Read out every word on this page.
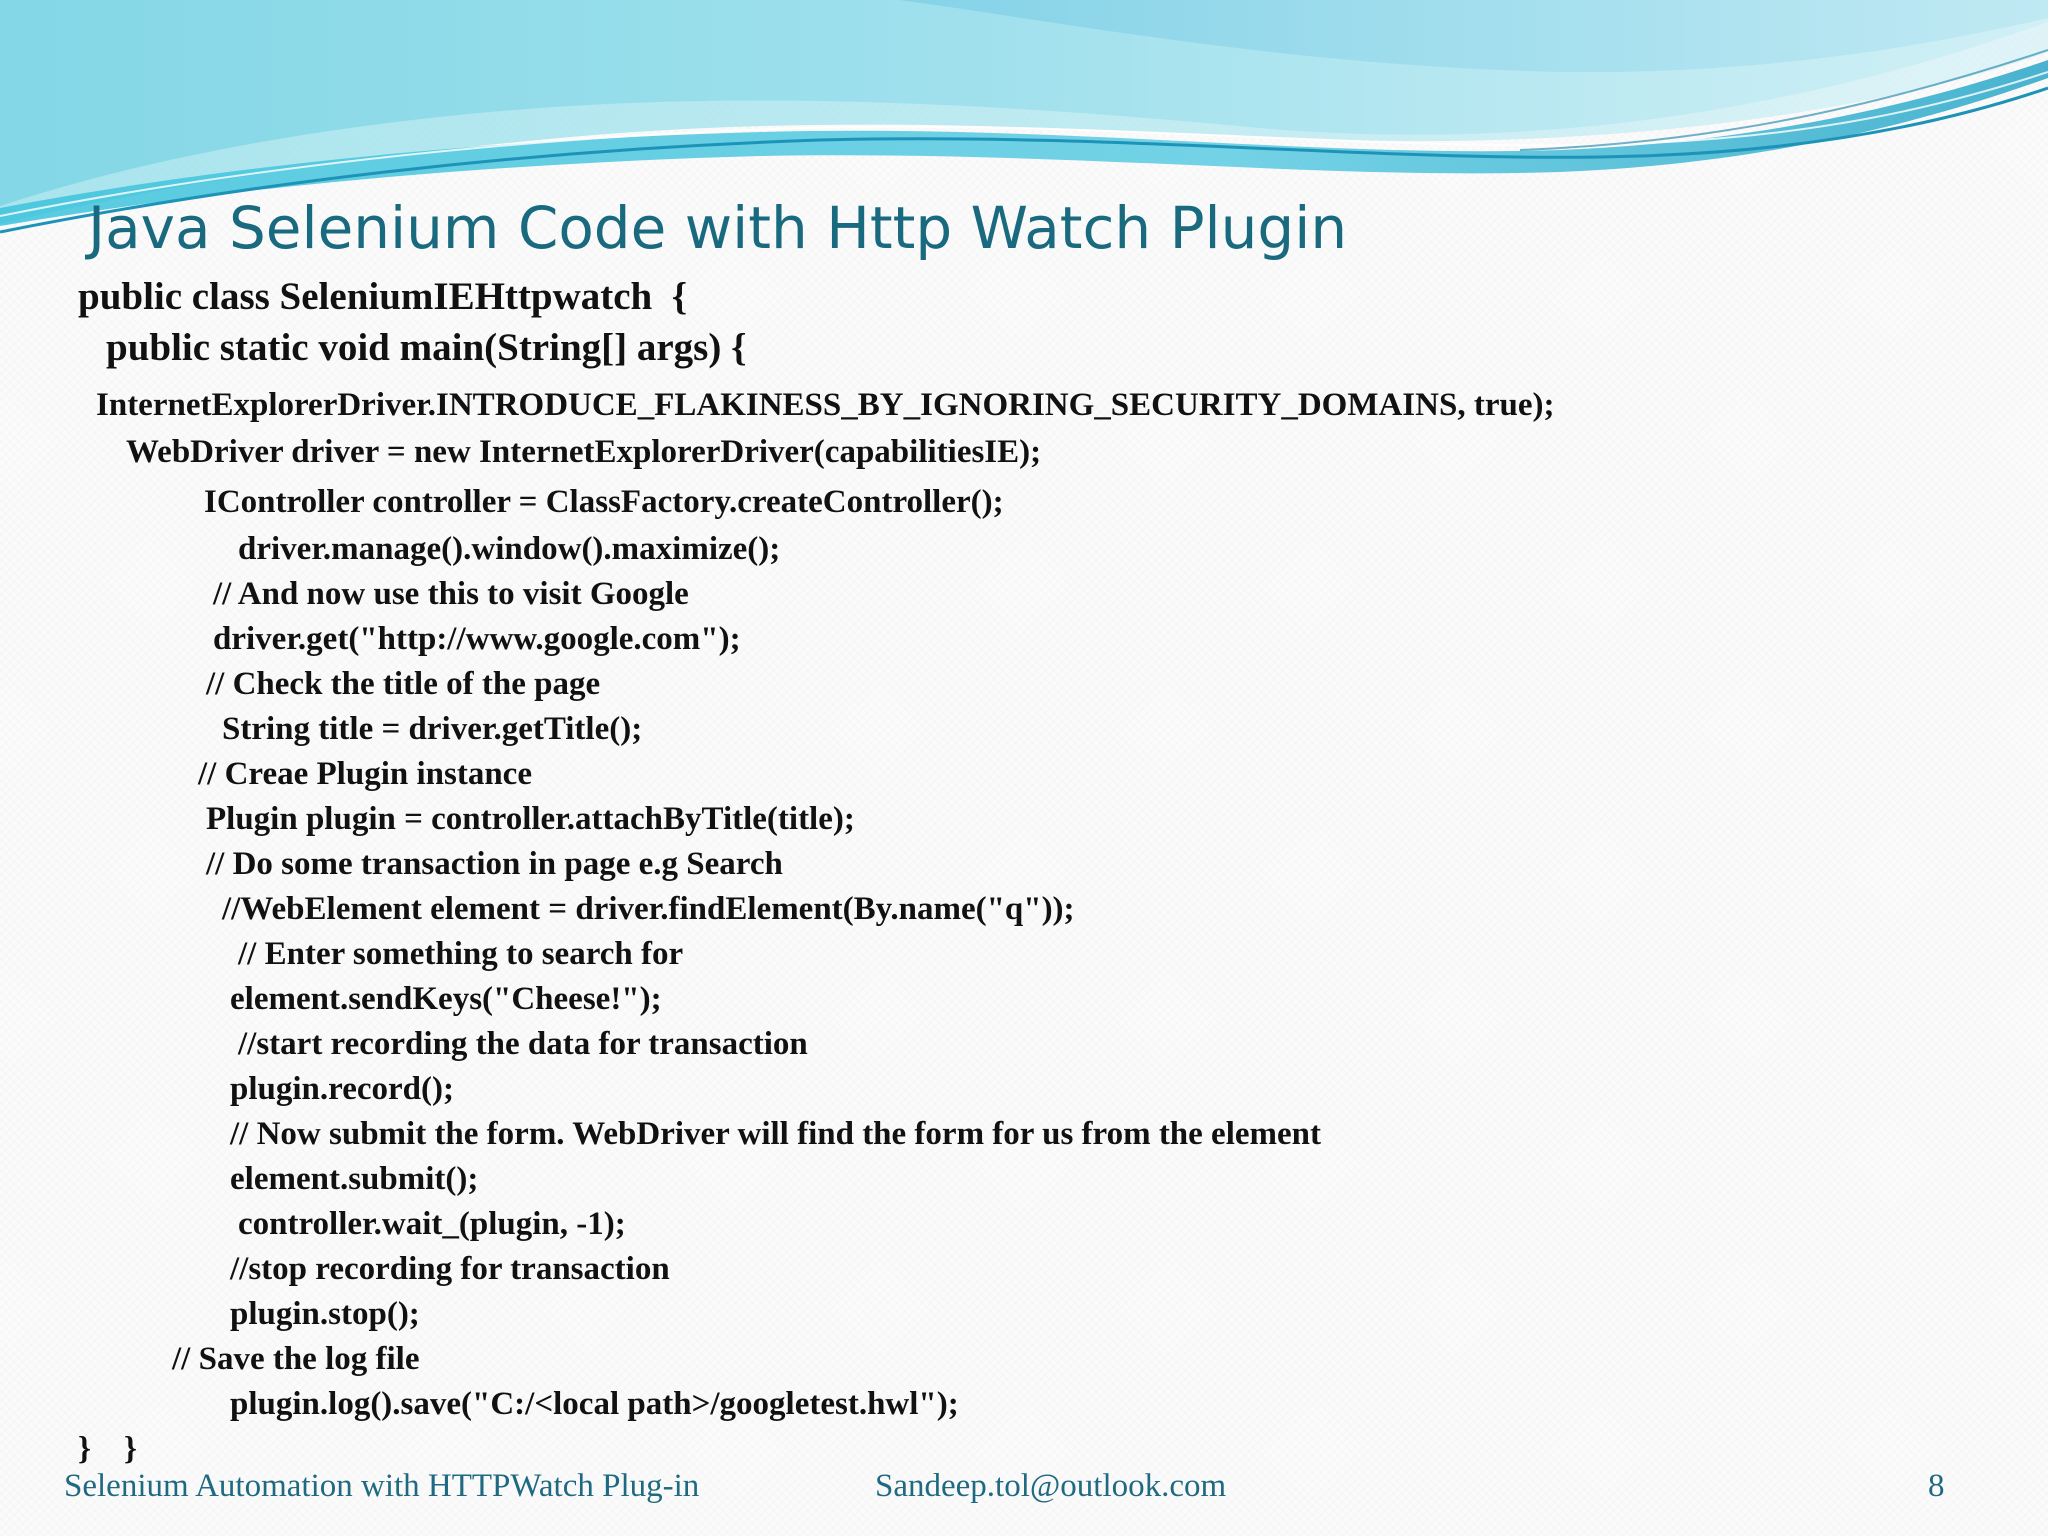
Java Selenium Code with Http Watch Plugin

public class SeleniumIEHttpwatch  {

public static void main(String[] args) {

InternetExplorerDriver.INTRODUCE_FLAKINESS_BY_IGNORING_SECURITY_DOMAINS, true);

WebDriver driver = new InternetExplorerDriver(capabilitiesIE);

IController controller = ClassFactory.createController();

driver.manage().window().maximize();

// And now use this to visit Google

driver.get("http://www.google.com");

// Check the title of the page

String title = driver.getTitle();

// Creae Plugin instance

Plugin plugin = controller.attachByTitle(title);

// Do some transaction in page e.g Search

//WebElement element = driver.findElement(By.name("q"));

// Enter something to search for

element.sendKeys("Cheese!");

//start recording the data for transaction

plugin.record();

// Now submit the form. WebDriver will find the form for us from the element

element.submit();

controller.wait_(plugin, -1);

//stop recording for transaction

plugin.stop();

// Save the log file

plugin.log().save("C:/<local path>/googletest.hwl");

}    }

Selenium Automation with HTTPWatch Plug-in	Sandeep.tol@outlook.com	8
